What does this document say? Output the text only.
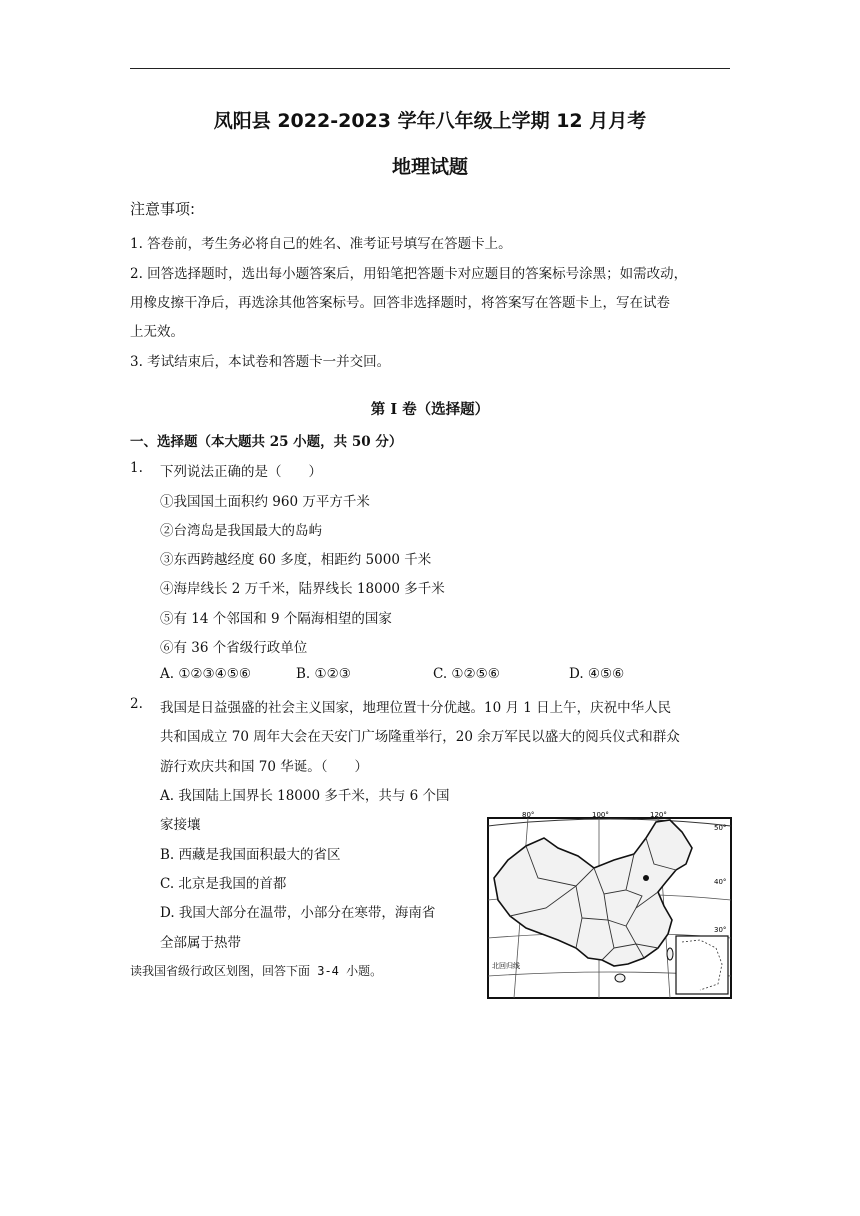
凤阳县 2022-2023 学年八年级上学期 12 月月考
地理试题
注意事项:
1. 答卷前，考生务必将自己的姓名、准考证号填写在答题卡上。
2. 回答选择题时，选出每小题答案后，用铅笔把答题卡对应题目的答案标号涂黑；如需改动，
用橡皮擦干净后，再选涂其他答案标号。回答非选择题时，将答案写在答题卡上，写在试卷
上无效。
3. 考试结束后，本试卷和答题卡一并交回。
第 I 卷（选择题）
一、选择题（本大题共 25 小题，共 50 分）
1. 下列说法正确的是（　　）
①我国国土面积约 960 万平方千米
②台湾岛是我国最大的岛屿
③东西跨越经度 60 多度，相距约 5000 千米
④海岸线长 2 万千米，陆界线长 18000 多千米
⑤有 14 个邻国和 9 个隔海相望的国家
⑥有 36 个省级行政单位
A. ①②③④⑤⑥	B. ①②③	C. ①②⑤⑥	D. ④⑤⑥
2. 我国是日益强盛的社会主义国家，地理位置十分优越。10 月 1 日上午，庆祝中华人民
共和国成立 70 周年大会在天安门广场隆重举行，20 余万军民以盛大的阅兵仪式和群众
游行欢庆共和国 70 华诞。（　　）
A. 我国陆上国界长 18000 多千米，共与 6 个国
家接壤
B. 西藏是我国面积最大的省区
C. 北京是我国的首都
D. 我国大部分在温带，小部分在寒带，海南省
全部属于热带
读我国省级行政区划图，回答下面 3-4 小题。
80°	100°	120°
50°
40°
30°
北回归线
